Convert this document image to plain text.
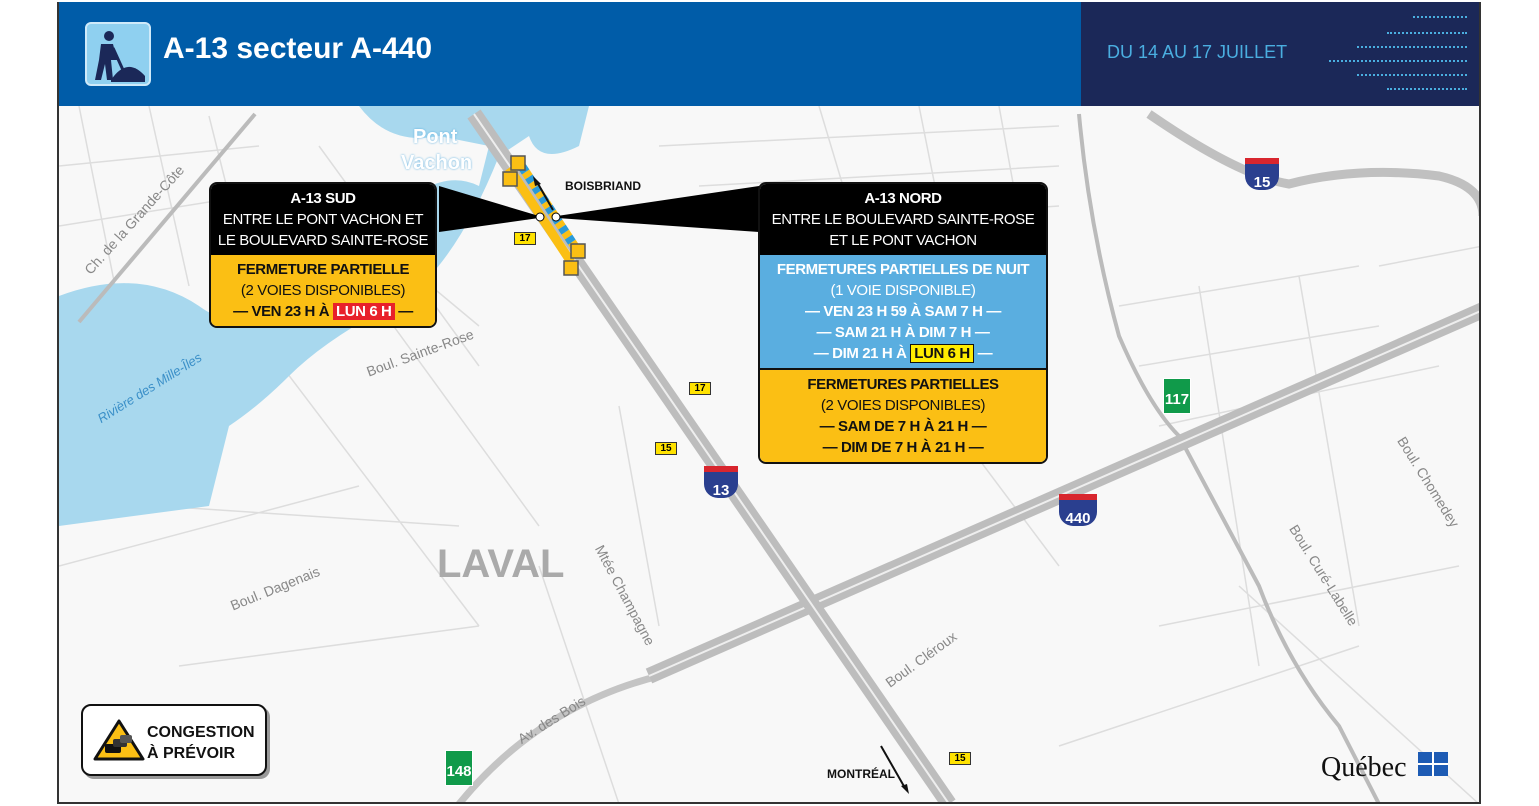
A-13 secteur A-440	DU 14 AU 17 JUILLET
Pont
Vachon
BOISBRIAND
MONTRÉAL
LAVAL
Ch. de la Grande-Côte
Rivière des Mille-Îles	Boul. Sainte-Rose
Boul. Dagenais	Mtée Champagne
Av. des Bois
Boul. Cléroux
Boul. Curé-Labelle
Boul. Chomedey
13
15
440
117
148
17
17
15
15
A-13 SUD
ENTRE LE PONT VACHON ET
LE BOULEVARD SAINTE-ROSE
FERMETURE PARTIELLE
(2 VOIES DISPONIBLES)
— VEN 23 H À LUN 6 H —
A-13 NORD
ENTRE LE BOULEVARD SAINTE-ROSE
ET LE PONT VACHON
FERMETURES PARTIELLES DE NUIT
(1 VOIE DISPONIBLE)
— VEN 23 H 59 À SAM 7 H —
— SAM 21 H À DIM 7 H —
— DIM 21 H À LUN 6 H —
FERMETURES PARTIELLES
(2 VOIES DISPONIBLES)
— SAM DE 7 H À 21 H —
— DIM DE 7 H À 21 H —
CONGESTION
À PRÉVOIR	Québec
